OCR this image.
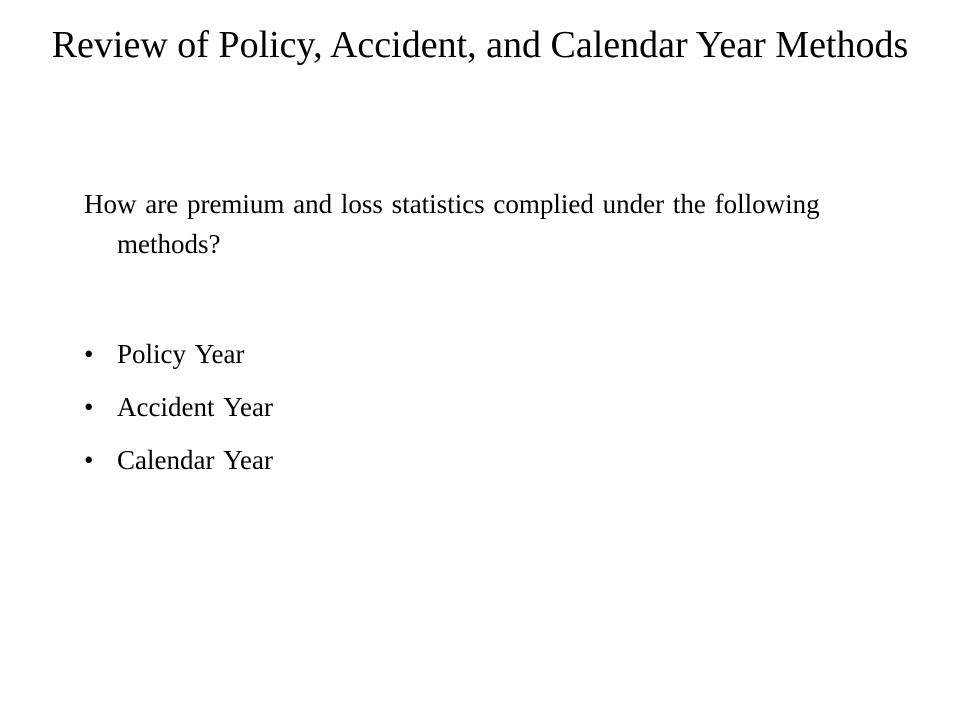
Review of Policy, Accident, and Calendar Year Methods

How are premium and loss statistics complied under the following methods?

• Policy Year
• Accident Year
• Calendar Year
